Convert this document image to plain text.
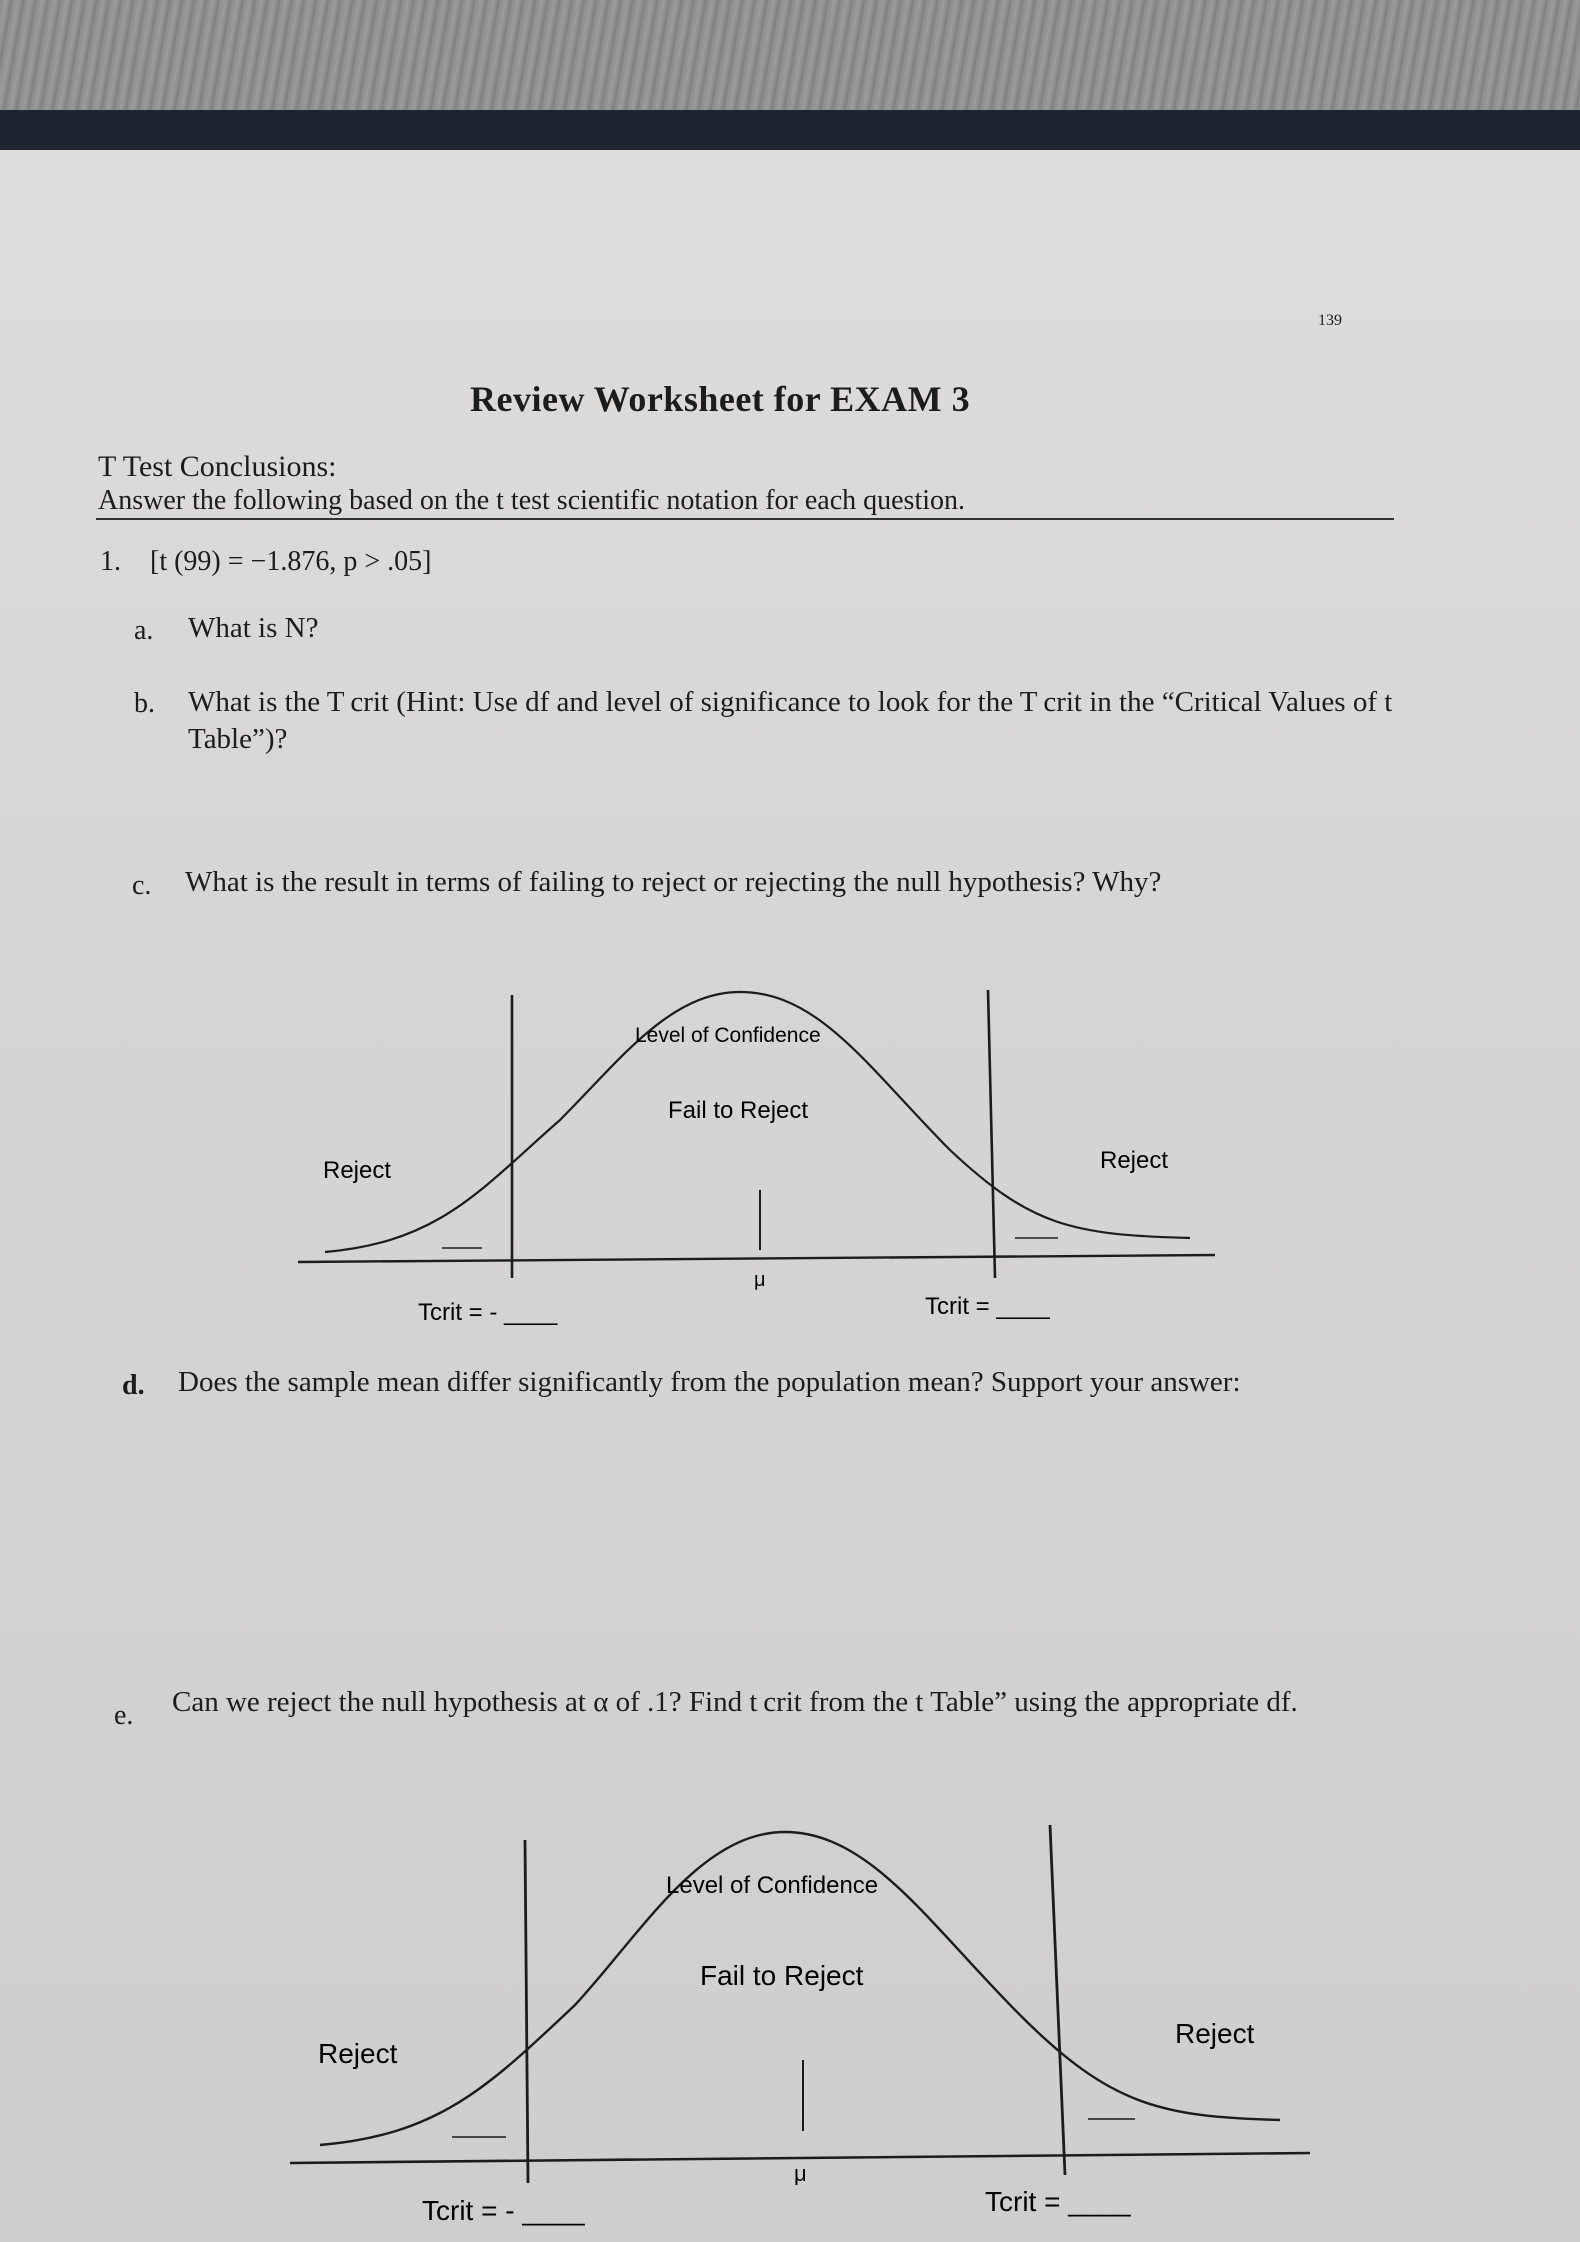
139

Review Worksheet for EXAM 3

T Test Conclusions:

Answer the following based on the t test scientific notation for each question.

1. [t (99) = −1.876, p > .05]

a. What is N?

b. What is the T crit (Hint: Use df and level of significance to look for the T crit in the “Critical Values of t Table”)?

c. What is the result in terms of failing to reject or rejecting the null hypothesis? Why?

Level of Confidence
Fail to Reject
Reject	Reject
μ
Tcrit = - ____	Tcrit = ____

d. Does the sample mean differ significantly from the population mean? Support your answer:

e. Can we reject the null hypothesis at α of .1? Find t crit from the t Table” using the appropriate df.

Level of Confidence
Fail to Reject
Reject
Reject
μ
Tcrit = - ____	Tcrit = ____
